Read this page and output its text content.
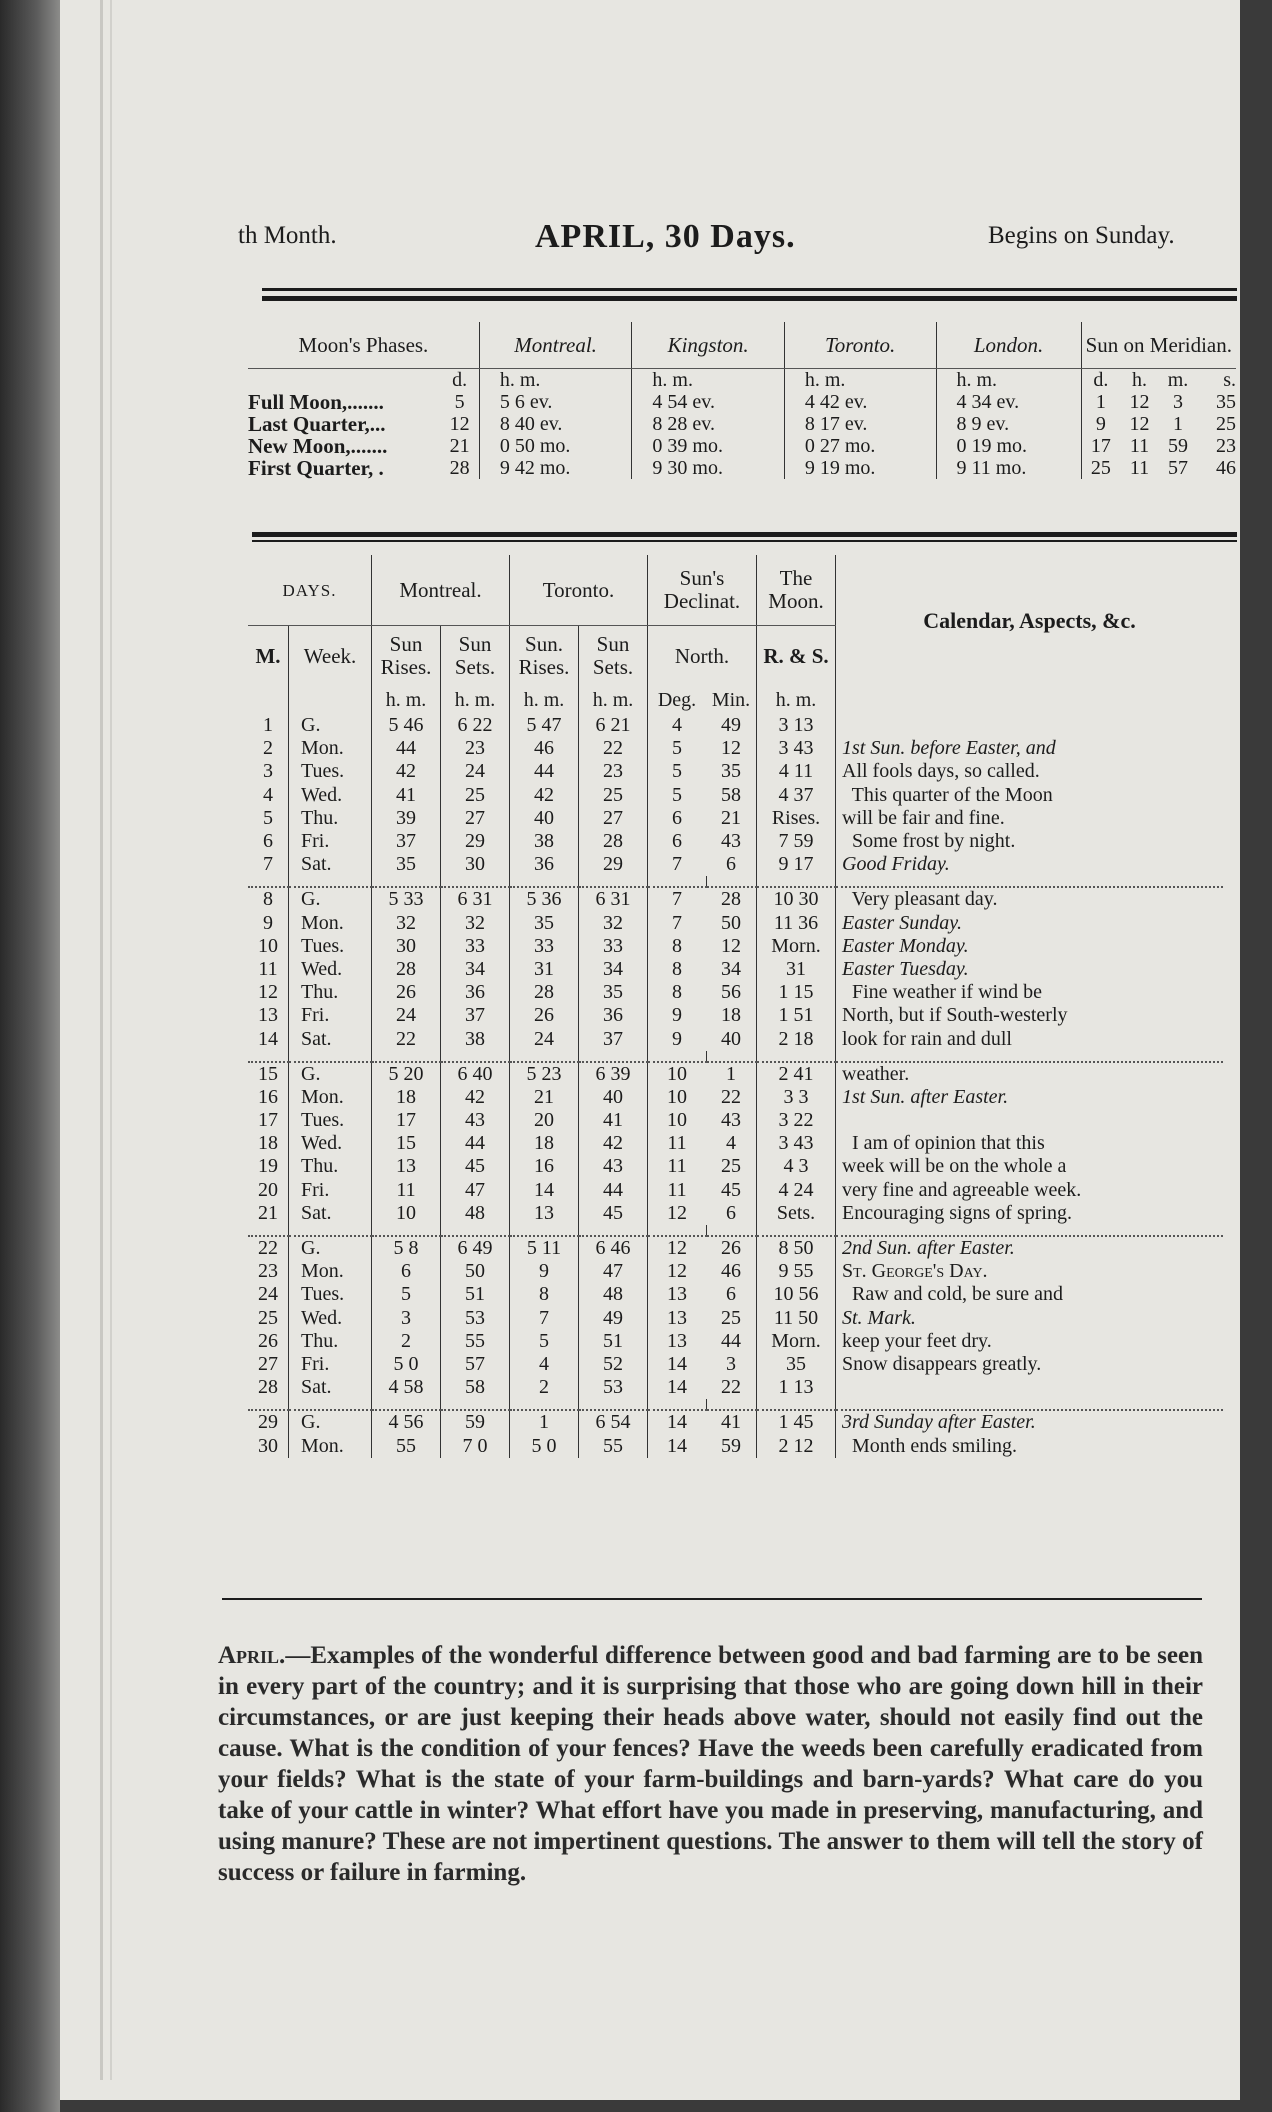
th Month.	APRIL, 30 Days.	Begins on Sunday.
Moon's Phases.		Montreal.	Kingston.	Toronto.	London.	Sun on Meridian.			
	d.	h. m.	h. m.	h. m.	h. m.	d.	h.	m.	s.
Full Moon,.......	5	5 6 ev.	4 54 ev.	4 42 ev.	4 34 ev.	1	12	3	35
Last Quarter,...	12	8 40 ev.	8 28 ev.	8 17 ev.	8 9 ev.	9	12	1	25
New Moon,.......	21	0 50 mo.	0 39 mo.	0 27 mo.	0 19 mo.	17	11	59	23
First Quarter, .	28	9 42 mo.	9 30 mo.	9 19 mo.	9 11 mo.	25	11	57	46
DAYS.		Montreal.		Toronto.		Sun's Declinat.		The Moon.	Calendar, Aspects, &c.
M.	Week.	Sun Rises.	Sun Sets.	Sun. Rises.	Sun Sets.	North.		R. & S.	
		h. m.	h. m.	h. m.	h. m.	Deg.	Min.	h. m.	
1	G.	5 46	6 22	5 47	6 21	4	49	3 13	
2	Mon.	44	23	46	22	5	12	3 43	1st Sun. before Easter, and
3	Tues.	42	24	44	23	5	35	4 11	All fools days, so called.
4	Wed.	41	25	42	25	5	58	4 37	This quarter of the Moon
5	Thu.	39	27	40	27	6	21	Rises.	will be fair and fine.
6	Fri.	37	29	38	28	6	43	7 59	Some frost by night.
7	Sat.	35	30	36	29	7	6	9 17	Good Friday.

8	G.	5 33	6 31	5 36	6 31	7	28	10 30	Very pleasant day.
9	Mon.	32	32	35	32	7	50	11 36	Easter Sunday.
10	Tues.	30	33	33	33	8	12	Morn.	Easter Monday.
11	Wed.	28	34	31	34	8	34	31	Easter Tuesday.
12	Thu.	26	36	28	35	8	56	1 15	Fine weather if wind be
13	Fri.	24	37	26	36	9	18	1 51	North, but if South-westerly
14	Sat.	22	38	24	37	9	40	2 18	look for rain and dull

15	G.	5 20	6 40	5 23	6 39	10	1	2 41	weather.
16	Mon.	18	42	21	40	10	22	3 3	1st Sun. after Easter.
17	Tues.	17	43	20	41	10	43	3 22	
18	Wed.	15	44	18	42	11	4	3 43	I am of opinion that this
19	Thu.	13	45	16	43	11	25	4 3	week will be on the whole a
20	Fri.	11	47	14	44	11	45	4 24	very fine and agreeable week.
21	Sat.	10	48	13	45	12	6	Sets.	Encouraging signs of spring.

22	G.	5 8	6 49	5 11	6 46	12	26	8 50	2nd Sun. after Easter.
23	Mon.	6	50	9	47	12	46	9 55	St. George's Day.
24	Tues.	5	51	8	48	13	6	10 56	Raw and cold, be sure and
25	Wed.	3	53	7	49	13	25	11 50	St. Mark.
26	Thu.	2	55	5	51	13	44	Morn.	keep your feet dry.
27	Fri.	5 0	57	4	52	14	3	35	Snow disappears greatly.
28	Sat.	4 58	58	2	53	14	22	1 13	

29	G.	4 56	59	1	6 54	14	41	1 45	3rd Sunday after Easter.
30	Mon.	55	7 0	5 0	55	14	59	2 12	Month ends smiling.
April.—Examples of the wonderful difference between good and bad farming are to be seen in every part of the country; and it is surprising that those who are going down hill in their circumstances, or are just keeping their heads above water, should not easily find out the cause. What is the condition of your fences? Have the weeds been carefully eradicated from your fields? What is the state of your farm-buildings and barn-yards? What care do you take of your cattle in winter? What effort have you made in preserving, manufacturing, and using manure? These are not impertinent questions. The answer to them will tell the story of success or failure in farming.
